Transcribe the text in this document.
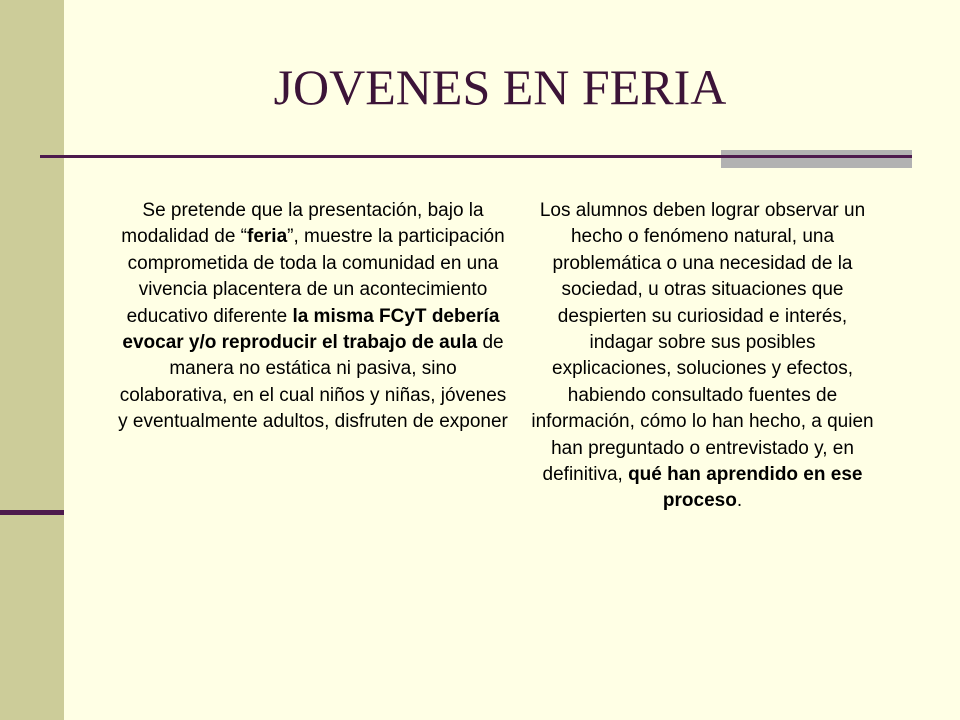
JOVENES EN FERIA
Se pretende que la presentación, bajo la modalidad de “feria”, muestre la participación comprometida de toda la comunidad en una vivencia placentera de un acontecimiento educativo diferente la misma FCyT debería evocar y/o reproducir el trabajo de aula de manera no estática ni pasiva, sino colaborativa, en el cual niños y niñas, jóvenes y eventualmente adultos, disfruten de exponer
Los alumnos deben lograr observar un hecho o fenómeno natural, una problemática o una necesidad de la sociedad, u otras situaciones que despierten su curiosidad e interés, indagar sobre sus posibles explicaciones, soluciones y efectos, habiendo consultado fuentes de información, cómo lo han hecho, a quien han preguntado o entrevistado y, en definitiva, qué han aprendido en ese proceso.
